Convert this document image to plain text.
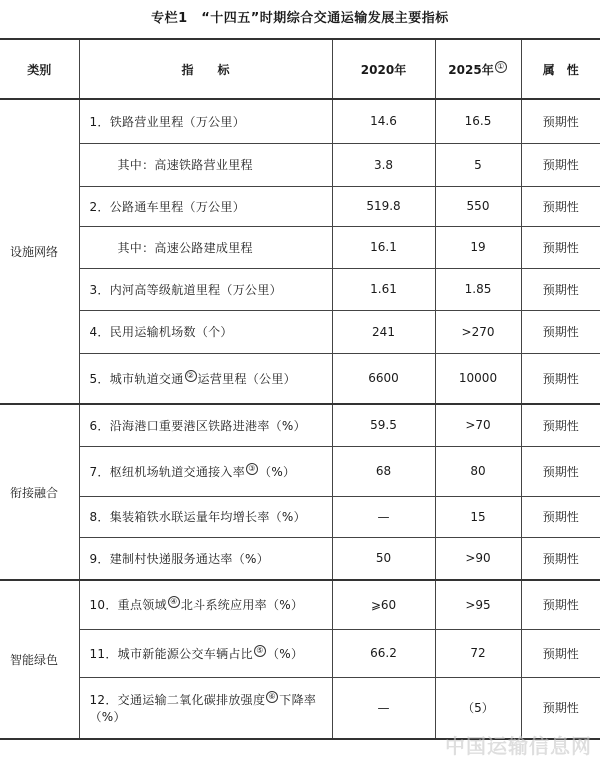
专栏1　“十四五”时期综合交通运输发展主要指标
类别	指　　标	2020年	2025年 ①	属　性
设施网络	1．铁路营业里程（万公里）	14.6	16.5	预期性
	其中：高速铁路营业里程	3.8	5	预期性
	2．公路通车里程（万公里）	519.8	550	预期性
	其中：高速公路建成里程	16.1	19	预期性
	3．内河高等级航道里程（万公里）	1.61	1.85	预期性
	4．民用运输机场数（个）	241	>270	预期性
	5．城市轨道交通 ② 运营里程（公里）	6600	10000	预期性
衔接融合	6．沿海港口重要港区铁路进港率（%）	59.5	>70	预期性
	7．枢纽机场轨道交通接入率 ③ （%）	68	80	预期性
	8．集装箱铁水联运量年均增长率（%）	—	15	预期性
	9．建制村快递服务通达率（%）	50	>90	预期性
智能绿色	10．重点领域 ④ 北斗系统应用率（%）	⩾60	>95	预期性
	11．城市新能源公交车辆占比 ⑤ （%）	66.2	72	预期性
	12．交通运输二氧化碳排放强度 ⑥ 下降率（%）	—	（5）	预期性
中国运输信息网
